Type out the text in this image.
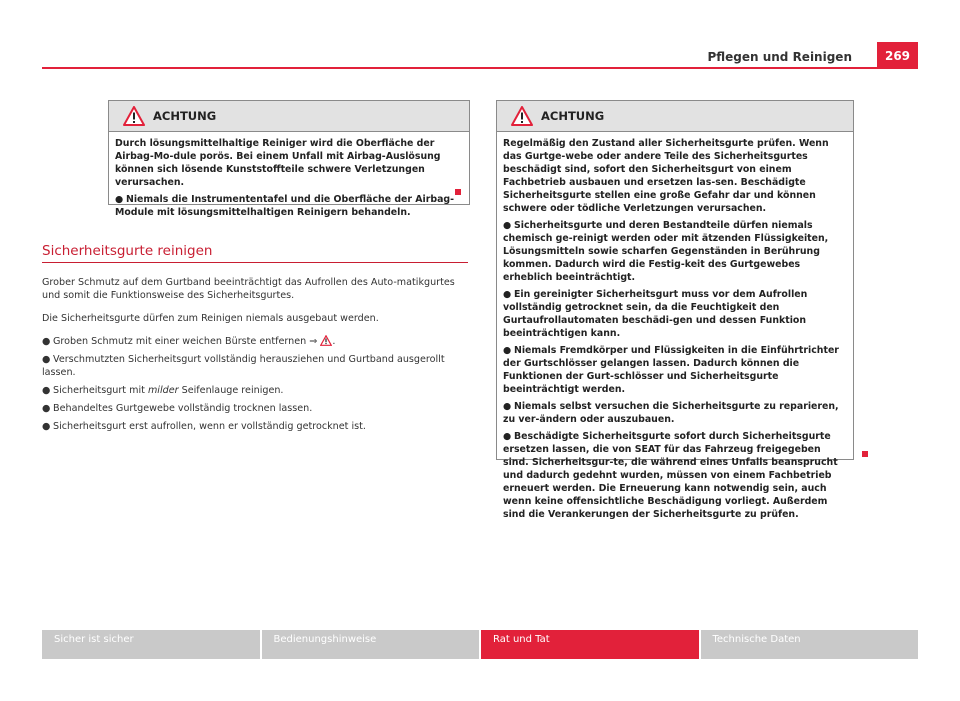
Pflegen und Reinigen	269
ACHTUNG

Durch lösungsmittelhaltige Reiniger wird die Oberfläche der Airbag-Mo-dule porös. Bei einem Unfall mit Airbag-Auslösung können sich lösende Kunststoffteile schwere Verletzungen verursachen.

● Niemals die Instrumententafel und die Oberfläche der Airbag-Module mit lösungsmittelhaltigen Reinigern behandeln.

Sicherheitsgurte reinigen

Grober Schmutz auf dem Gurtband beeinträchtigt das Aufrollen des Auto-matikgurtes und somit die Funktionsweise des Sicherheitsgurtes.

Die Sicherheitsgurte dürfen zum Reinigen niemals ausgebaut werden.

● Groben Schmutz mit einer weichen Bürste entfernen ⇒ .

● Verschmutzten Sicherheitsgurt vollständig herausziehen und Gurtband ausgerollt lassen.

● Sicherheitsgurt mit milder Seifenlauge reinigen.

● Behandeltes Gurtgewebe vollständig trocknen lassen.

● Sicherheitsgurt erst aufrollen, wenn er vollständig getrocknet ist.

ACHTUNG

Regelmäßig den Zustand aller Sicherheitsgurte prüfen. Wenn das Gurtge-webe oder andere Teile des Sicherheitsgurtes beschädigt sind, sofort den Sicherheitsgurt von einem Fachbetrieb ausbauen und ersetzen las-sen. Beschädigte Sicherheitsgurte stellen eine große Gefahr dar und können schwere oder tödliche Verletzungen verursachen.

● Sicherheitsgurte und deren Bestandteile dürfen niemals chemisch ge-reinigt werden oder mit ätzenden Flüssigkeiten, Lösungsmitteln sowie scharfen Gegenständen in Berührung kommen. Dadurch wird die Festig-keit des Gurtgewebes erheblich beeinträchtigt.

● Ein gereinigter Sicherheitsgurt muss vor dem Aufrollen vollständig getrocknet sein, da die Feuchtigkeit den Gurtaufrollautomaten beschädi-gen und dessen Funktion beeinträchtigen kann.

● Niemals Fremdkörper und Flüssigkeiten in die Einführtrichter der Gurtschlösser gelangen lassen. Dadurch können die Funktionen der Gurt-schlösser und Sicherheitsgurte beeinträchtigt werden.

● Niemals selbst versuchen die Sicherheitsgurte zu reparieren, zu ver-ändern oder auszubauen.

● Beschädigte Sicherheitsgurte sofort durch Sicherheitsgurte ersetzen lassen, die von SEAT für das Fahrzeug freigegeben sind. Sicherheitsgur-te, die während eines Unfalls beansprucht und dadurch gedehnt wurden, müssen von einem Fachbetrieb erneuert werden. Die Erneuerung kann notwendig sein, auch wenn keine offensichtliche Beschädigung vorliegt. Außerdem sind die Verankerungen der Sicherheitsgurte zu prüfen.

Sicher ist sicher	Bedienungshinweise	Rat und Tat	Technische Daten
